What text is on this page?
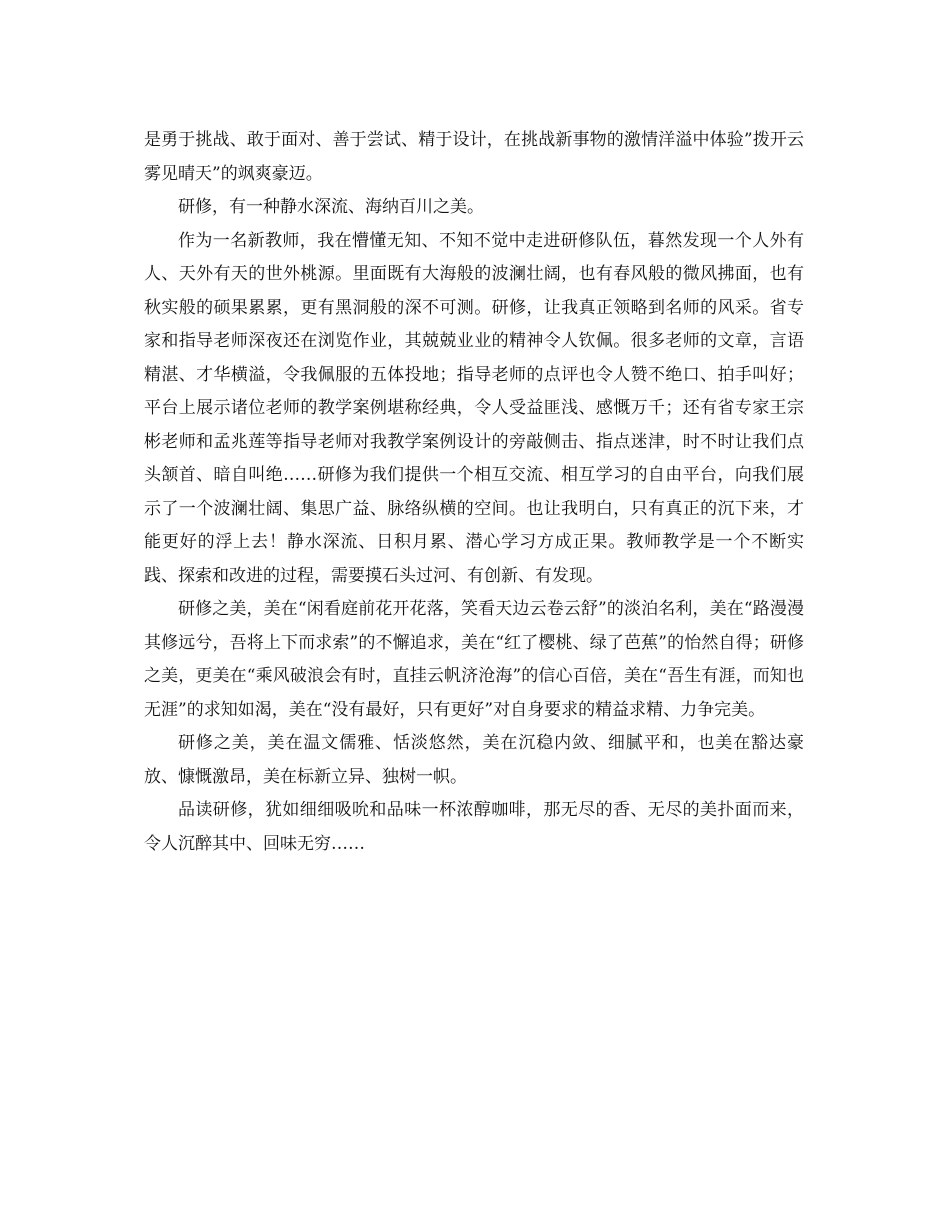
是勇于挑战、敢于面对、善于尝试、精于设计，在挑战新事物的激情洋溢中体验”拨开云雾见晴天”的飒爽豪迈。

研修，有一种静水深流、海纳百川之美。

作为一名新教师，我在懵懂无知、不知不觉中走进研修队伍，暮然发现一个人外有人、天外有天的世外桃源。里面既有大海般的波澜壮阔，也有春风般的微风拂面，也有秋实般的硕果累累，更有黑洞般的深不可测。研修，让我真正领略到名师的风采。省专家和指导老师深夜还在浏览作业，其兢兢业业的精神令人钦佩。很多老师的文章，言语精湛、才华横溢，令我佩服的五体投地；指导老师的点评也令人赞不绝口、拍手叫好；平台上展示诸位老师的教学案例堪称经典，令人受益匪浅、感慨万千；还有省专家王宗彬老师和孟兆莲等指导老师对我教学案例设计的旁敲侧击、指点迷津，时不时让我们点头颔首、暗自叫绝……研修为我们提供一个相互交流、相互学习的自由平台，向我们展示了一个波澜壮阔、集思广益、脉络纵横的空间。也让我明白，只有真正的沉下来，才能更好的浮上去！静水深流、日积月累、潜心学习方成正果。教师教学是一个不断实践、探索和改进的过程，需要摸石头过河、有创新、有发现。

研修之美，美在“闲看庭前花开花落，笑看天边云卷云舒”的淡泊名利，美在“路漫漫其修远兮，吾将上下而求索”的不懈追求，美在“红了樱桃、绿了芭蕉”的怡然自得；研修之美，更美在“乘风破浪会有时，直挂云帆济沧海”的信心百倍，美在“吾生有涯，而知也无涯”的求知如渴，美在“没有最好，只有更好”对自身要求的精益求精、力争完美。

研修之美，美在温文儒雅、恬淡悠然，美在沉稳内敛、细腻平和，也美在豁达豪放、慷慨激昂，美在标新立异、独树一帜。

品读研修，犹如细细吸吮和品味一杯浓醇咖啡，那无尽的香、无尽的美扑面而来，令人沉醉其中、回味无穷……
